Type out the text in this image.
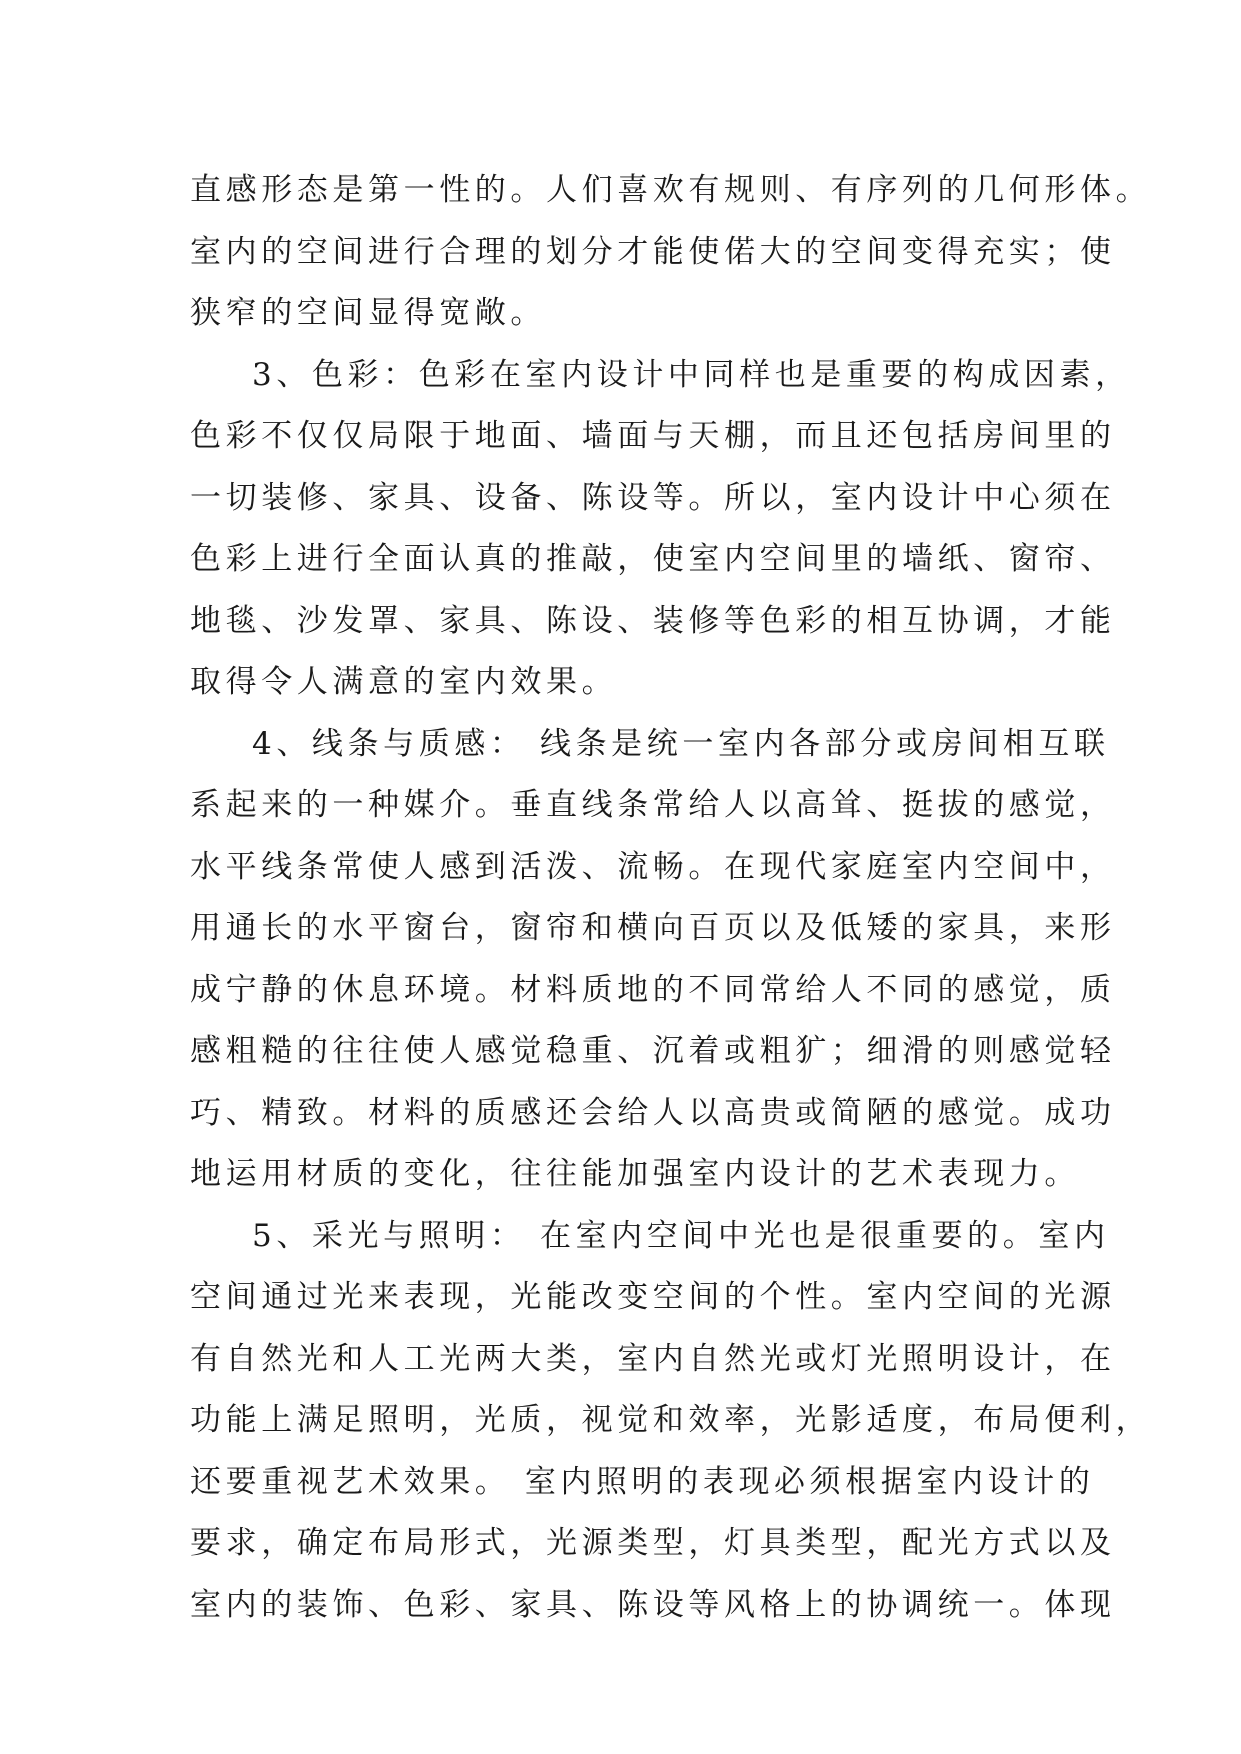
直感形态是第一性的。人们喜欢有规则、有序列的几何形体。
室内的空间进行合理的划分才能使偌大的空间变得充实；使
狭窄的空间显得宽敞。
3、色彩：色彩在室内设计中同样也是重要的构成因素，
色彩不仅仅局限于地面、墙面与天棚，而且还包括房间里的
一切装修、家具、设备、陈设等。所以，室内设计中心须在
色彩上进行全面认真的推敲，使室内空间里的墙纸、窗帘、
地毯、沙发罩、家具、陈设、装修等色彩的相互协调，才能
取得令人满意的室内效果。
4、线条与质感： 线条是统一室内各部分或房间相互联
系起来的一种媒介。垂直线条常给人以高耸、挺拔的感觉，
水平线条常使人感到活泼、流畅。在现代家庭室内空间中，
用通长的水平窗台，窗帘和横向百页以及低矮的家具，来形
成宁静的休息环境。材料质地的不同常给人不同的感觉，质
感粗糙的往往使人感觉稳重、沉着或粗犷；细滑的则感觉轻
巧、精致。材料的质感还会给人以高贵或简陋的感觉。成功
地运用材质的变化，往往能加强室内设计的艺术表现力。
5、采光与照明： 在室内空间中光也是很重要的。室内
空间通过光来表现，光能改变空间的个性。室内空间的光源
有自然光和人工光两大类，室内自然光或灯光照明设计，在
功能上满足照明，光质，视觉和效率，光影适度，布局便利，
还要重视艺术效果。 室内照明的表现必须根据室内设计的
要求，确定布局形式，光源类型，灯具类型，配光方式以及
室内的装饰、色彩、家具、陈设等风格上的协调统一。体现
